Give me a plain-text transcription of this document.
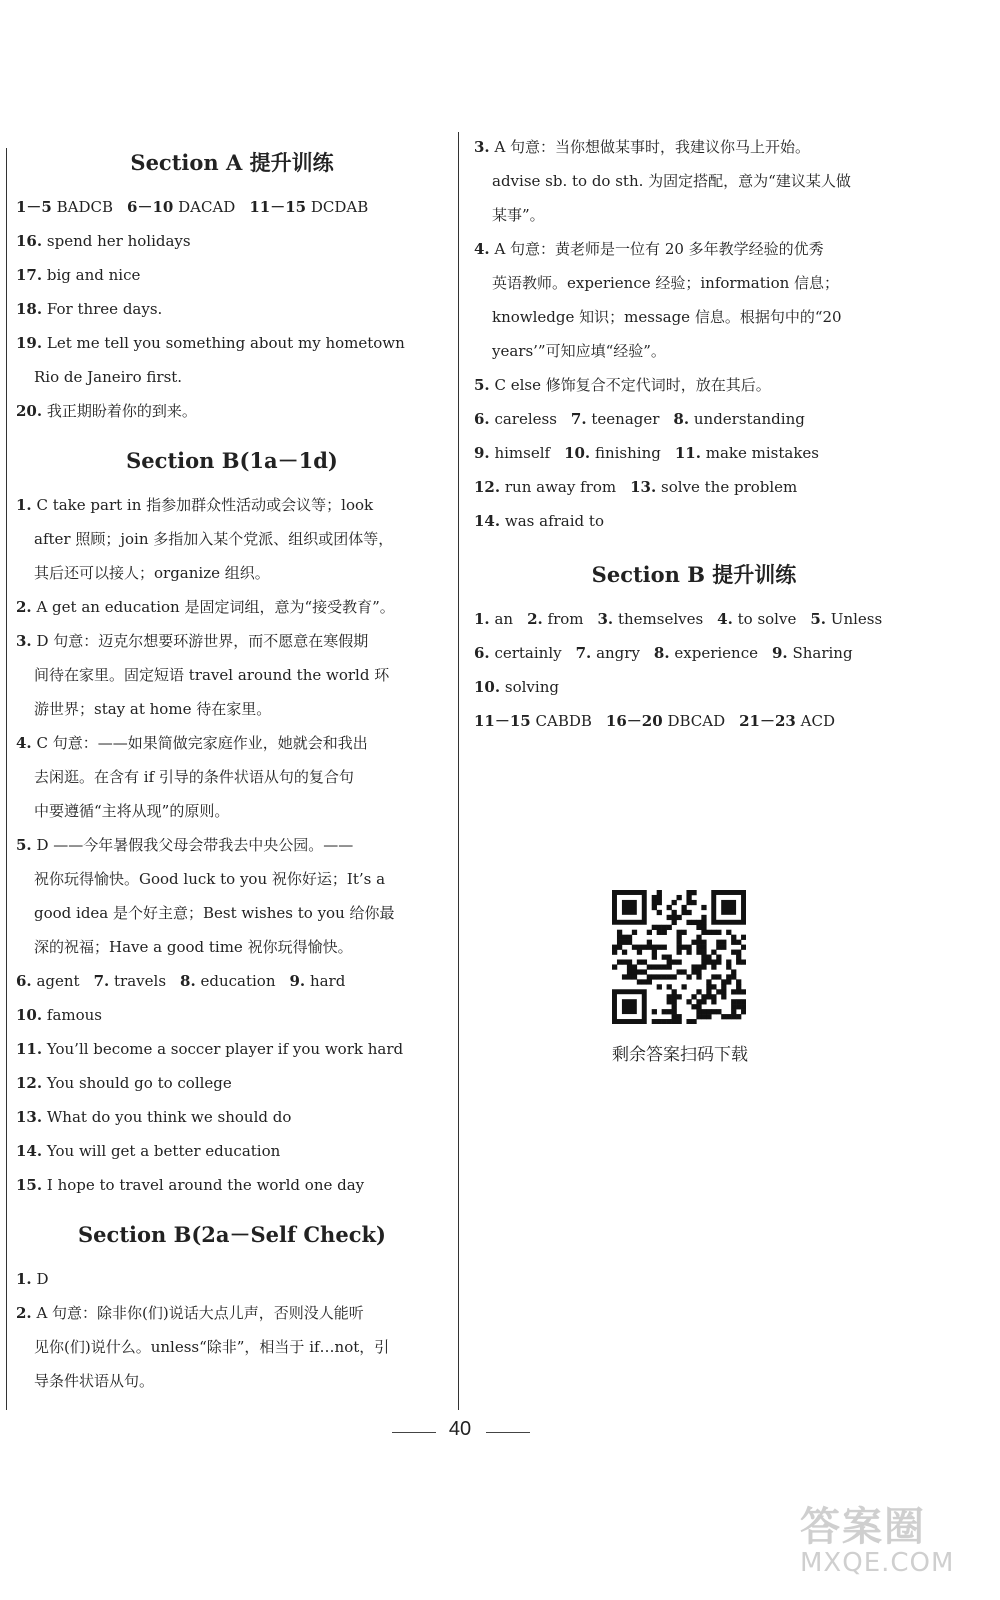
Section A 提升训练
1－5 BADCB 6－10 DACAD 11－15 DCDAB
16. spend her holidays
17. big and nice
18. For three days.
19. Let me tell you something about my hometown
Rio de Janeiro first.
20. 我正期盼着你的到来。
Section B(1a－1d)
1. C take part in 指参加群众性活动或会议等；look
after 照顾；join 多指加入某个党派、组织或团体等，
其后还可以接人；organize 组织。
2. A get an education 是固定词组，意为“接受教育”。
3. D 句意：迈克尔想要环游世界，而不愿意在寒假期
间待在家里。固定短语 travel around the world 环
游世界；stay at home 待在家里。
4. C 句意：——如果简做完家庭作业，她就会和我出
去闲逛。在含有 if 引导的条件状语从句的复合句
中要遵循“主将从现”的原则。
5. D ——今年暑假我父母会带我去中央公园。——
祝你玩得愉快。Good luck to you 祝你好运；It’s a
good idea 是个好主意；Best wishes to you 给你最
深的祝福；Have a good time 祝你玩得愉快。
6. agent 7. travels 8. education 9. hard
10. famous
11. You’ll become a soccer player if you work hard
12. You should go to college
13. What do you think we should do
14. You will get a better education
15. I hope to travel around the world one day
Section B(2a－Self Check)
1. D
2. A 句意：除非你(们)说话大点儿声，否则没人能听
见你(们)说什么。unless“除非”，相当于 if…not，引
导条件状语从句。
3. A 句意：当你想做某事时，我建议你马上开始。
advise sb. to do sth. 为固定搭配，意为“建议某人做
某事”。
4. A 句意：黄老师是一位有 20 多年教学经验的优秀
英语教师。experience 经验；information 信息；
knowledge 知识；message 信息。根据句中的“20
years’”可知应填“经验”。
5. C else 修饰复合不定代词时，放在其后。
6. careless 7. teenager 8. understanding
9. himself 10. finishing 11. make mistakes
12. run away from 13. solve the problem
14. was afraid to
Section B 提升训练
1. an 2. from 3. themselves 4. to solve 5. Unless
6. certainly 7. angry 8. experience 9. Sharing
10. solving
11－15 CABDB 16－20 DBCAD 21－23 ACD
剩余答案扫码下载
40
答案圈
MXQE.COM
